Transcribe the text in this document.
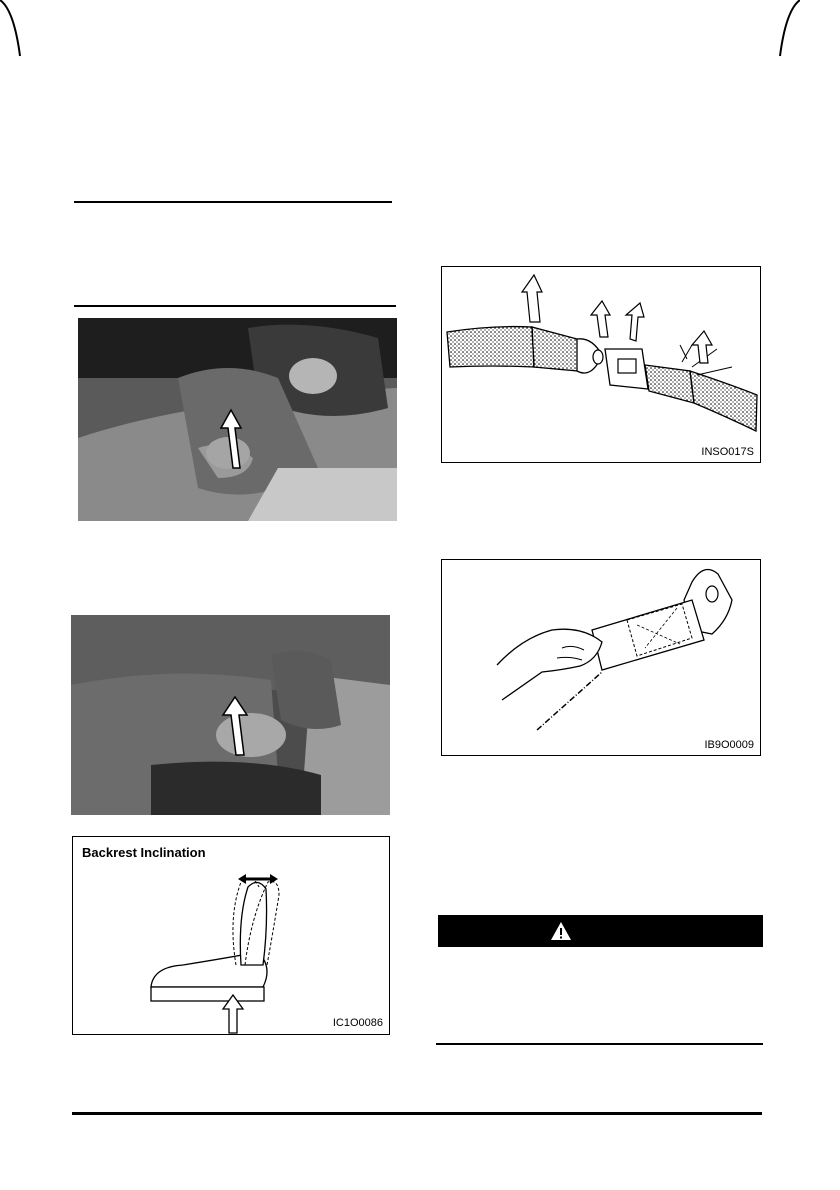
Backrest Inclination
IC1O0086
INSO017S
IB9O0009
